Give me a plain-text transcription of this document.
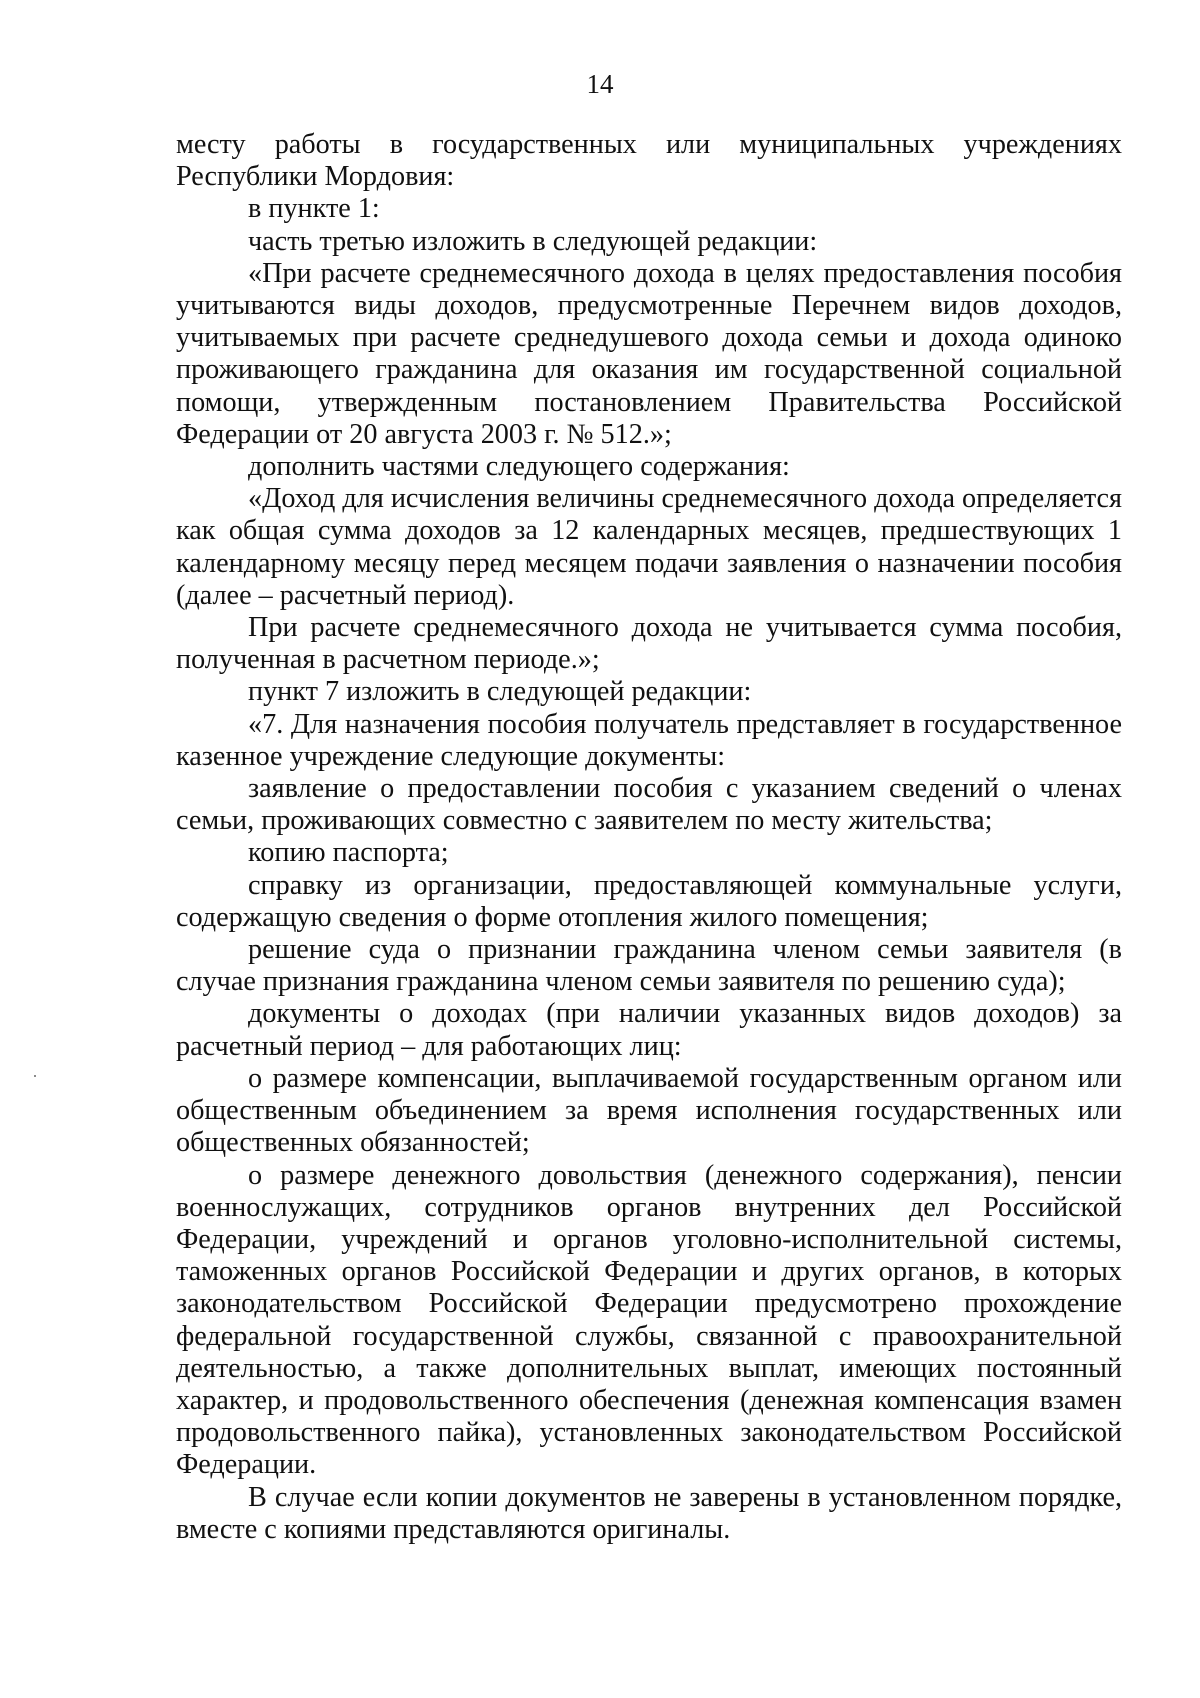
14

месту работы в государственных или муниципальных учреждениях Республики Мордовия:

в пункте 1:

часть третью изложить в следующей редакции:

«При расчете среднемесячного дохода в целях предоставления пособия учитываются виды доходов, предусмотренные Перечнем видов доходов, учитываемых при расчете среднедушевого дохода семьи и дохода одиноко проживающего гражданина для оказания им государственной социальной помощи, утвержденным постановлением Правительства Российской Федерации от 20 августа 2003 г. № 512.»;

дополнить частями следующего содержания:

«Доход для исчисления величины среднемесячного дохода определяется как общая сумма доходов за 12 календарных месяцев, предшествующих 1 календарному месяцу перед месяцем подачи заявления о назначении пособия (далее – расчетный период).

При расчете среднемесячного дохода не учитывается сумма пособия, полученная в расчетном периоде.»;

пункт 7 изложить в следующей редакции:

«7. Для назначения пособия получатель представляет в государственное казенное учреждение следующие документы:

заявление о предоставлении пособия с указанием сведений о членах семьи, проживающих совместно с заявителем по месту жительства;

копию паспорта;

справку из организации, предоставляющей коммунальные услуги, содержащую сведения о форме отопления жилого помещения;

решение суда о признании гражданина членом семьи заявителя (в случае признания гражданина членом семьи заявителя по решению суда);

документы о доходах (при наличии указанных видов доходов) за расчетный период – для работающих лиц:

о размере компенсации, выплачиваемой государственным органом или общественным объединением за время исполнения государственных или общественных обязанностей;

о размере денежного довольствия (денежного содержания), пенсии военнослужащих, сотрудников органов внутренних дел Российской Федерации, учреждений и органов уголовно-исполнительной системы, таможенных органов Российской Федерации и других органов, в которых законодательством Российской Федерации предусмотрено прохождение федеральной государственной службы, связанной с правоохранительной деятельностью, а также дополнительных выплат, имеющих постоянный характер, и продовольственного обеспечения (денежная компенсация взамен продовольственного пайка), установленных законодательством Российской Федерации.

В случае если копии документов не заверены в установленном порядке, вместе с копиями представляются оригиналы.
